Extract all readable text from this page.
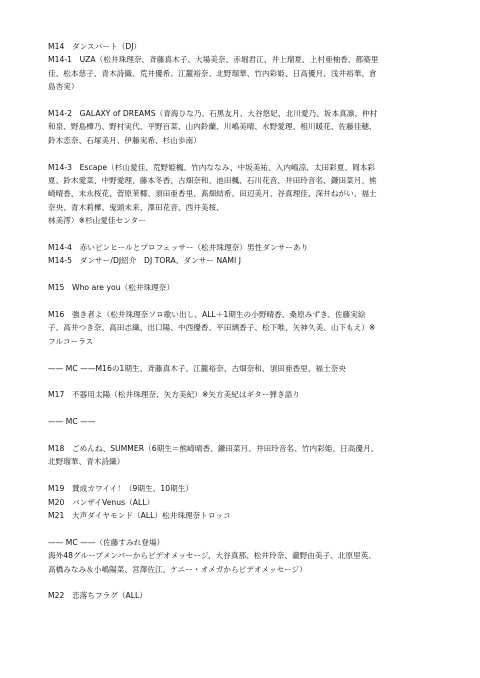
M14　ダンスパート（DJ）
M14-1　UZA（松井珠理奈、斉藤真木子、大場美奈、赤堀君江、井上瑠夏、上村亜柚香、都築里
佳、松本慈子、青木詩織、荒井優希、江籠裕奈、北野瑠華、竹内彩姫、日高優月、浅井裕華、倉
島杏実）
M14-2　GALAXY of DREAMS（青海ひな乃、石黒友月、大谷悠妃、北川愛乃、坂本真凛、仲村
和泉、野島樺乃、野村実代、平野百菜、山内鈴蘭、川嶋美晴、水野愛理、相川暖花、佐藤佳穂、
鈴木恋奈、石塚美月、伊藤実希、杉山歩南）
M14-3　Escape（杉山愛佳、荒野姫楓、竹内ななみ、中坂美祐、入内嶋涼、太田彩夏、岡本彩
夏、鈴木愛菜、中野愛理、藤本冬香、古畑奈和、池田楓、石川花音、井田玲音名、鎌田菜月、熊
崎晴香、末永桜花、菅原茉椰、須田亜香里、髙畑結希、田辺美月、谷真理佳、深井ねがい、福士
奈央、青木莉樺、鬼頭未来、澤田花音、西井美桜、
林美澪）※杉山愛佳センター
M14-4　赤いピンヒールとプロフェッサー（松井珠理奈）男性ダンサーあり
M14-5　ダンサー/DJ紹介　DJ TORA、ダンサー NAMI J
M15　Who are you（松井珠理奈）
M16　強き者よ（松井珠理奈ソロ歌い出し、ALL＋1期生の小野晴香、桑原みずき、佐藤実絵
子、高井つき奈、高田志織、出口陽、中西優香、平田璃香子、松下唯、矢神久美、山下もえ）※
フルコーラス
—— MC ——M16の1期生、斉藤真木子、江籠裕奈、古畑奈和、須田亜香里、福士奈央
M17　不器用太陽（松井珠理奈、矢方美紀）※矢方美紀はギター弾き語り
—— MC ——
M18　ごめんね、SUMMER（6期生＝熊崎晴香、鎌田菜月、井田玲音名、竹内彩姫、日高優月、
北野瑠華、青木詩織）
M19　賛成カワイイ！（9期生、10期生）
M20　バンザイVenus（ALL）
M21　大声ダイヤモンド（ALL）松井珠理奈トロッコ
—— MC ——（佐藤すみれ登場）
海外48グループメンバーからビデオメッセージ、大谷真那、松井玲奈、瀧野由美子、北原里英、
高橋みなみ＆小嶋陽菜、宮澤佐江、ケニー・オメガからビデオメッセージ）
M22　恋落ちフラグ（ALL）
